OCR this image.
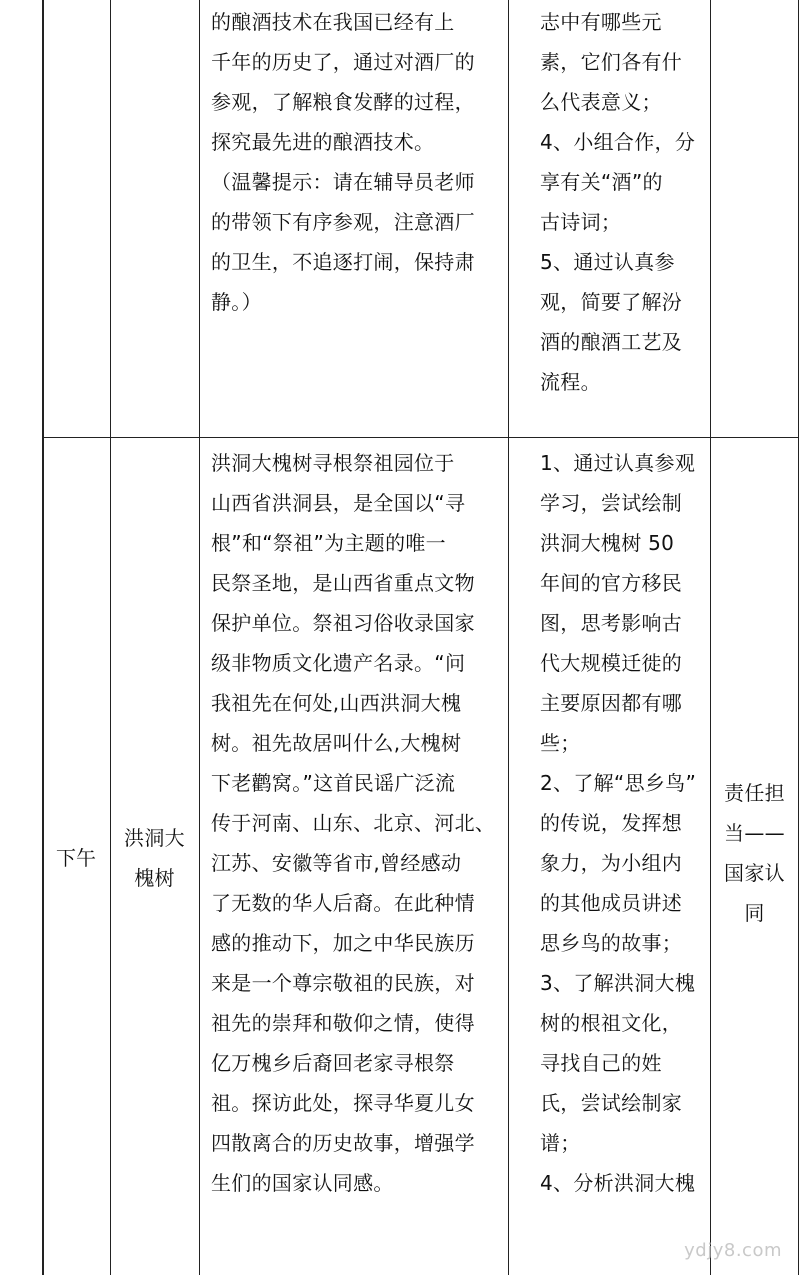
的酿酒技术在我国已经有上
千年的历史了，通过对酒厂的
参观，了解粮食发酵的过程，
探究最先进的酿酒技术。
（温馨提示：请在辅导员老师
的带领下有序参观，注意酒厂
的卫生，不追逐打闹，保持肃
静。）
志中有哪些元
素，它们各有什
么代表意义；
4、小组合作，分
享有关“酒”的
古诗词；
5、通过认真参
观，简要了解汾
酒的酿酒工艺及
流程。
下午
洪洞大
槐树
洪洞大槐树寻根祭祖园位于
山西省洪洞县，是全国以“寻
根”和“祭祖”为主题的唯一
民祭圣地，是山西省重点文物
保护单位。祭祖习俗收录国家
级非物质文化遗产名录。“问
我祖先在何处,山西洪洞大槐
树。祖先故居叫什么,大槐树
下老鹳窝。”这首民谣广泛流
传于河南、山东、北京、河北、
江苏、安徽等省市,曾经感动
了无数的华人后裔。在此种情
感的推动下，加之中华民族历
来是一个尊宗敬祖的民族，对
祖先的崇拜和敬仰之情，使得
亿万槐乡后裔回老家寻根祭
祖。探访此处，探寻华夏儿女
四散离合的历史故事，增强学
生们的国家认同感。
1、通过认真参观
学习，尝试绘制
洪洞大槐树 50
年间的官方移民
图，思考影响古
代大规模迁徙的
主要原因都有哪
些；
2、了解“思乡鸟”
的传说，发挥想
象力，为小组内
的其他成员讲述
思乡鸟的故事；
3、了解洪洞大槐
树的根祖文化，
寻找自己的姓
氏，尝试绘制家
谱；
4、分析洪洞大槐
责任担
当——
国家认
同
ydjy8.com
